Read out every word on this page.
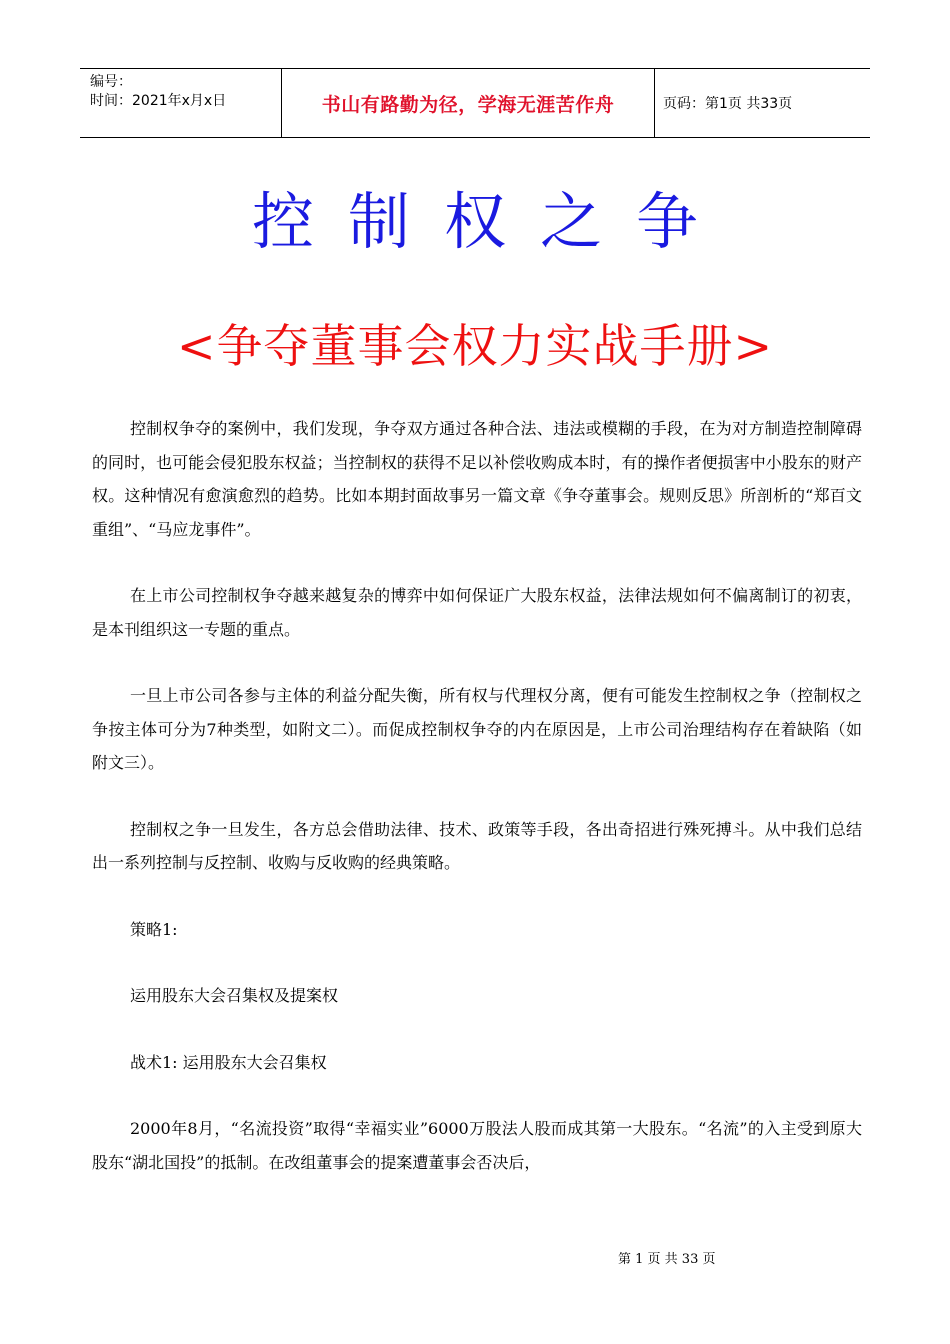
编号：
时间：2021年x月x日	书山有路勤为径，学海无涯苦作舟	页码：第1页 共33页
控制权之争
<争夺董事会权力实战手册>

控制权争夺的案例中，我们发现，争夺双方通过各种合法、违法或模糊的手段，在为对方制造控制障碍的同时，也可能会侵犯股东权益；当控制权的获得不足以补偿收购成本时，有的操作者便损害中小股东的财产权。这种情况有愈演愈烈的趋势。比如本期封面故事另一篇文章《争夺董事会。规则反思》所剖析的“郑百文重组”、“马应龙事件”。

在上市公司控制权争夺越来越复杂的博弈中如何保证广大股东权益，法律法规如何不偏离制订的初衷，是本刊组织这一专题的重点。

一旦上市公司各参与主体的利益分配失衡，所有权与代理权分离，便有可能发生控制权之争（控制权之争按主体可分为7种类型，如附文二）。而促成控制权争夺的内在原因是，上市公司治理结构存在着缺陷（如附文三）。

控制权之争一旦发生，各方总会借助法律、技术、政策等手段，各出奇招进行殊死搏斗。从中我们总结出一系列控制与反控制、收购与反收购的经典策略。

策略1:

运用股东大会召集权及提案权

战术1: 运用股东大会召集权

2000年8月，“名流投资”取得“幸福实业”6000万股法人股而成其第一大股东。“名流”的入主受到原大股东“湖北国投”的抵制。在改组董事会的提案遭董事会否决后，

第 1 页 共 33 页
